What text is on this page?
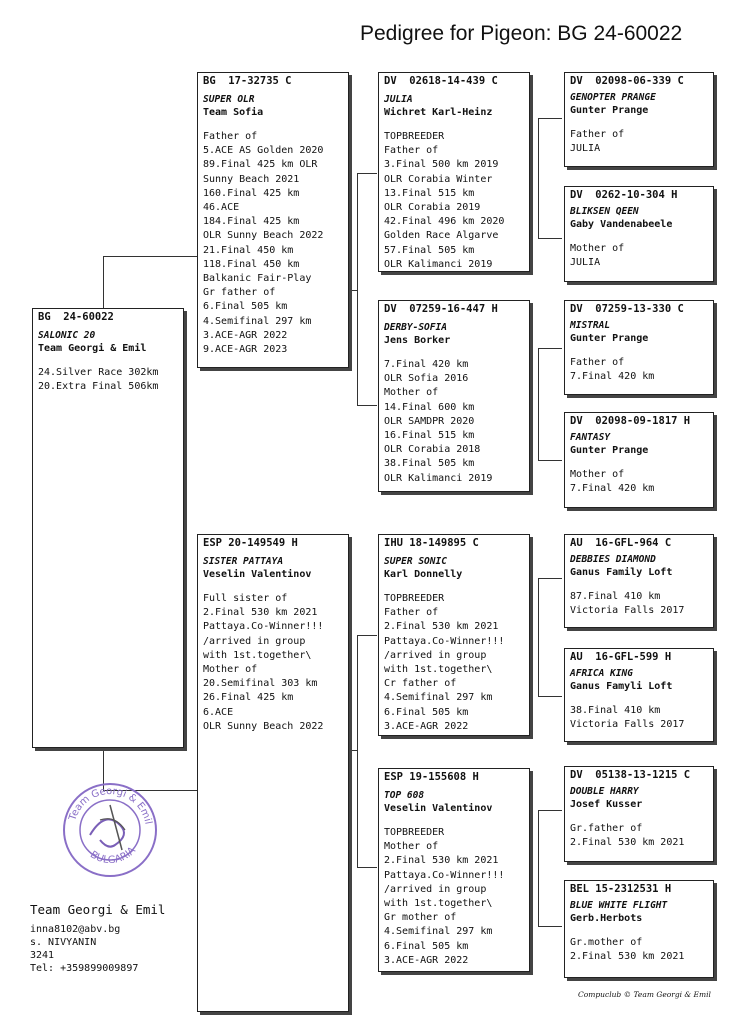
Pedigree for Pigeon: BG 24-60022
BG  24-60022
SALONIC 20
Team Georgi & Emil
24.Silver Race 302km
20.Extra Final 506km
BG  17-32735 C
SUPER OLR
Team Sofia
Father of
5.ACE AS Golden 2020
89.Final 425 km OLR
Sunny Beach 2021
160.Final 425 km
46.ACE
184.Final 425 km
OLR Sunny Beach 2022
21.Final 450 km
118.Final 450 km
Balkanic Fair-Play
Gr father of
6.Final 505 km
4.Semifinal 297 km
3.ACE-AGR 2022
9.ACE-AGR 2023
ESP 20-149549 H
SISTER PATTAYA
Veselin Valentinov
Full sister of
2.Final 530 km 2021
Pattaya.Co-Winner!!!
/arrived in group
with 1st.together\
Mother of
20.Semifinal 303 km
26.Final 425 km
6.ACE
OLR Sunny Beach 2022
DV  02618-14-439 C
JULIA
Wichret Karl-Heinz
TOPBREEDER
Father of
3.Final 500 km 2019
OLR Corabia Winter
13.Final 515 km
OLR Corabia 2019
42.Final 496 km 2020
Golden Race Algarve
57.Final 505 km
OLR Kalimanci 2019
DV  07259-16-447 H
DERBY-SOFIA
Jens Borker
7.Final 420 km
OLR Sofia 2016
Mother of
14.Final 600 km
OLR SAMDPR 2020
16.Final 515 km
OLR Corabia 2018
38.Final 505 km
OLR Kalimanci 2019
IHU 18-149895 C
SUPER SONIC
Karl Donnelly
TOPBREEDER
Father of
2.Final 530 km 2021
Pattaya.Co-Winner!!!
/arrived in group
with 1st.together\
Cr father of
4.Semifinal 297 km
6.Final 505 km
3.ACE-AGR 2022
ESP 19-155608 H
TOP 608
Veselin Valentinov
TOPBREEDER
Mother of
2.Final 530 km 2021
Pattaya.Co-Winner!!!
/arrived in group
with 1st.together\
Gr mother of
4.Semifinal 297 km
6.Final 505 km
3.ACE-AGR 2022
DV  02098-06-339 C
GENOPTER PRANGE
Gunter Prange
Father of
JULIA
DV  0262-10-304 H
BLIKSEN QEEN
Gaby Vandenabeele
Mother of
JULIA
DV  07259-13-330 C
MISTRAL
Gunter Prange
Father of
7.Final 420 km
DV  02098-09-1817 H
FANTASY
Gunter Prange
Mother of
7.Final 420 km
AU  16-GFL-964 C
DEBBIES DIAMOND
Ganus Family Loft
87.Final 410 km
Victoria Falls 2017
AU  16-GFL-599 H
AFRICA KING
Ganus Famyli Loft
38.Final 410 km
Victoria Falls 2017
DV  05138-13-1215 C
DOUBLE HARRY
Josef Kusser
Gr.father of
2.Final 530 km 2021
BEL 15-2312531 H
BLUE WHITE FLIGHT
Gerb.Herbots
Gr.mother of
2.Final 530 km 2021
Team Georgi & Emil
BULGARIA
Team Georgi & Emil
inna8102@abv.bg
s. NIVYANIN
3241
Tel: +359899009897
Compuclub © Team Georgi & Emil
